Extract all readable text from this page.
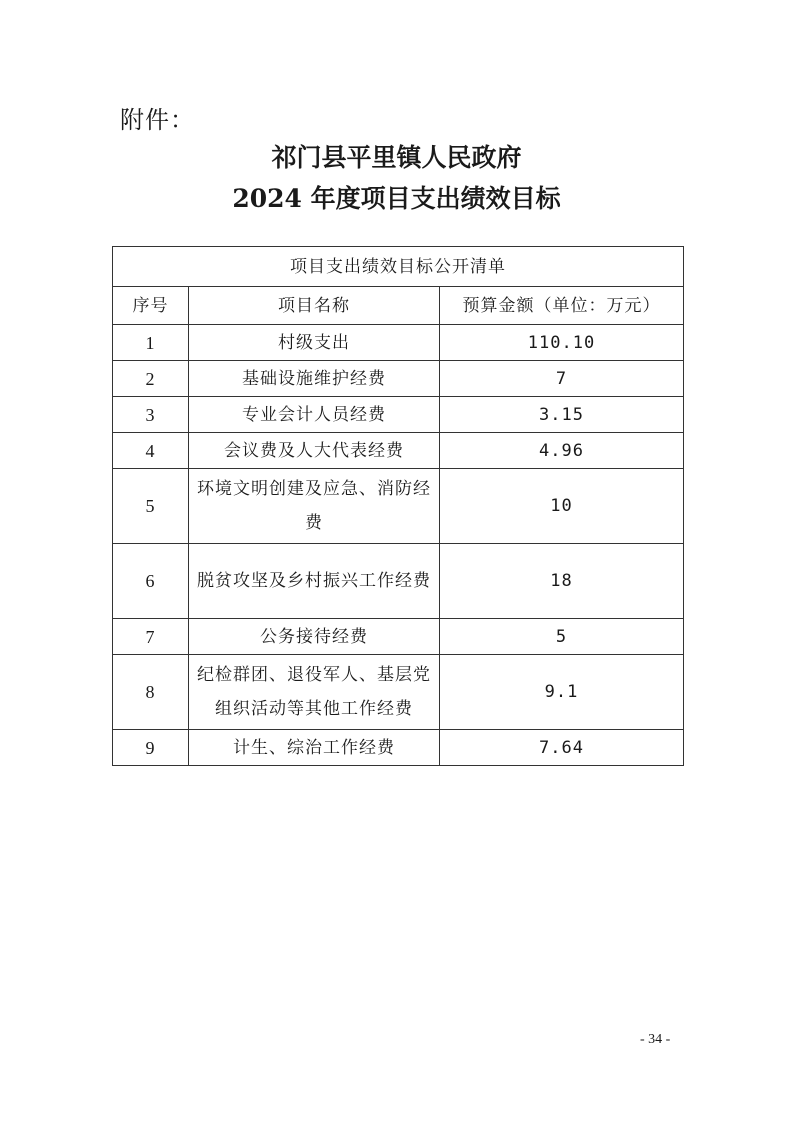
附件：
祁门县平里镇人民政府
2024 年度项目支出绩效目标
项目支出绩效目标公开清单		
序号	项目名称	预算金额（单位：万元）
1	村级支出	110.10
2	基础设施维护经费	7
3	专业会计人员经费	3.15
4	会议费及人大代表经费	4.96
5	环境文明创建及应急、消防经费	10
6	脱贫攻坚及乡村振兴工作经费	18
7	公务接待经费	5
8	纪检群团、退役军人、基层党组织活动等其他工作经费	9.1
9	计生、综治工作经费	7.64
- 34 -
